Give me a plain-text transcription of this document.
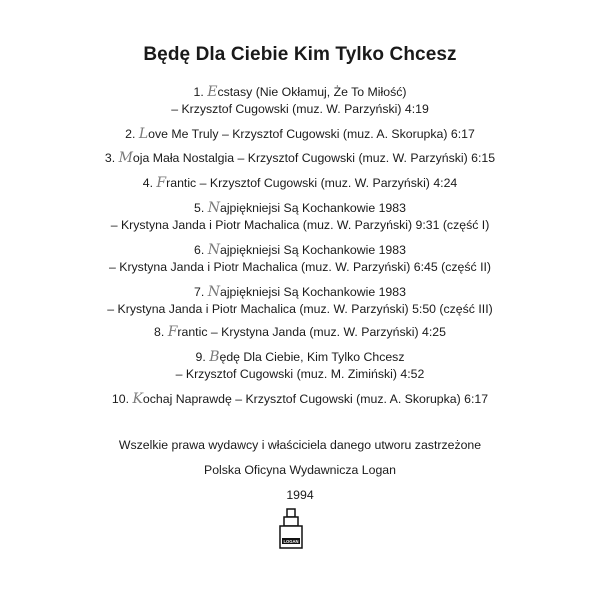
Będę Dla Ciebie Kim Tylko Chcesz
1. Ecstasy (Nie Okłamuj, Że To Miłość)
– Krzysztof Cugowski (muz. W. Parzyński) 4:19
2. Love Me Truly – Krzysztof Cugowski (muz. A. Skorupka) 6:17
3. Moja Mała Nostalgia – Krzysztof Cugowski (muz. W. Parzyński) 6:15
4. Frantic – Krzysztof Cugowski (muz. W. Parzyński) 4:24
5. Najpiękniejsi Są Kochankowie 1983
– Krystyna Janda i Piotr Machalica (muz. W. Parzyński) 9:31 (część I)
6. Najpiękniejsi Są Kochankowie 1983
– Krystyna Janda i Piotr Machalica (muz. W. Parzyński) 6:45 (część II)
7. Najpiękniejsi Są Kochankowie 1983
– Krystyna Janda i Piotr Machalica (muz. W. Parzyński) 5:50 (część III)
8. Frantic – Krystyna Janda (muz. W. Parzyński) 4:25
9. Będę Dla Ciebie, Kim Tylko Chcesz
– Krzysztof Cugowski (muz. M. Zimiński) 4:52
10. Kochaj Naprawdę – Krzysztof Cugowski (muz. A. Skorupka) 6:17
Wszelkie prawa wydawcy i właściciela danego utworu zastrzeżone
Polska Oficyna Wydawnicza Logan
1994
LOGAN
